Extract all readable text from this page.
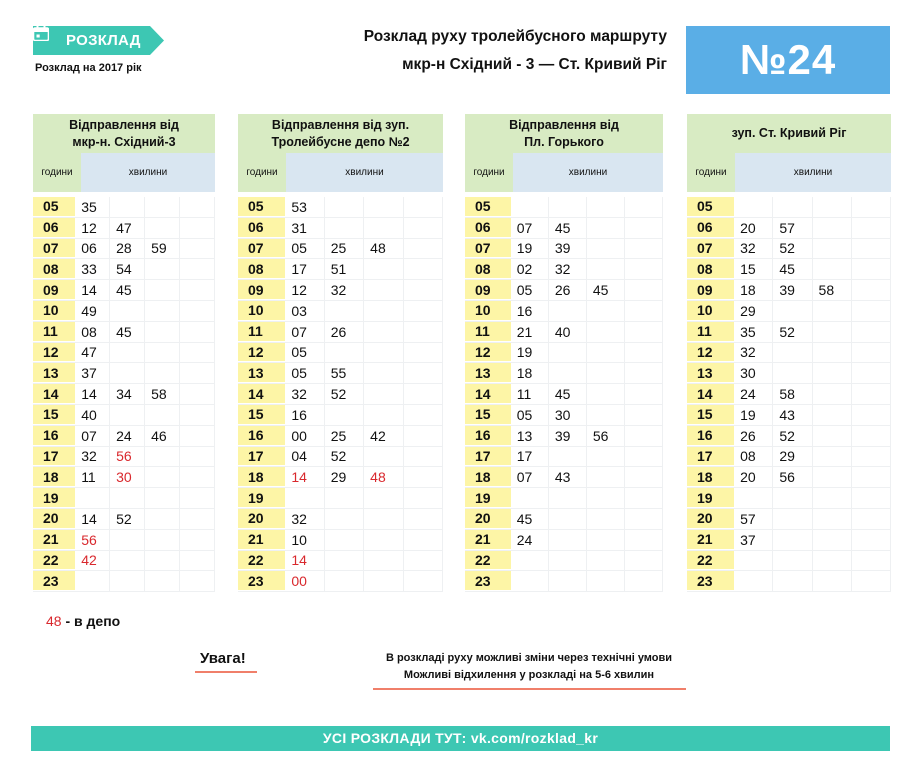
РОЗКЛАД
Розклад на 2017 рік
Розклад руху тролейбусного маршруту
мкр-н Східний - 3 — Ст. Кривий Ріг №24
Відправлення від
мкр-н. Східний-3
години	хвилини
05	35
06	12	47
07	06	28	59
08	33	54
09	14	45
10	49
11	08	45
12	47
13	37
14	14	34	58
15	40
16	07	24	46
17	32	56
18	11	30
19
20	14	52
21	56
22	42
23
Відправлення від зуп.
Тролейбусне депо №2
години	хвилини
05	53
06	31
07	05	25	48
08	17	51
09	12	32
10	03
11	07	26
12	05
13	05	55
14	32	52
15	16
16	00	25	42
17	04	52
18	14	29	48
19
20	32
21	10
22	14
23	00
Відправлення від
Пл. Горького
години	хвилини
05
06	07	45
07	19	39
08	02	32
09	05	26	45
10	16
11	21	40
12	19
13	18
14	11	45
15	05	30
16	13	39	56
17	17
18	07	43
19
20	45
21	24
22
23
зуп. Ст. Кривий Ріг
години	хвилини
05
06	20	57
07	32	52
08	15	45
09	18	39	58
10	29
11	35	52
12	32
13	30
14	24	58
15	19	43
16	26	52
17	08	29
18	20	56
19
20	57
21	37
22
23
48 - в депо
Увага!	В розкладі руху можливі зміни через технічні умови
Можливі відхилення у розкладі на 5-6 хвилин
УСІ РОЗКЛАДИ ТУТ: vk.com/rozklad_kr
